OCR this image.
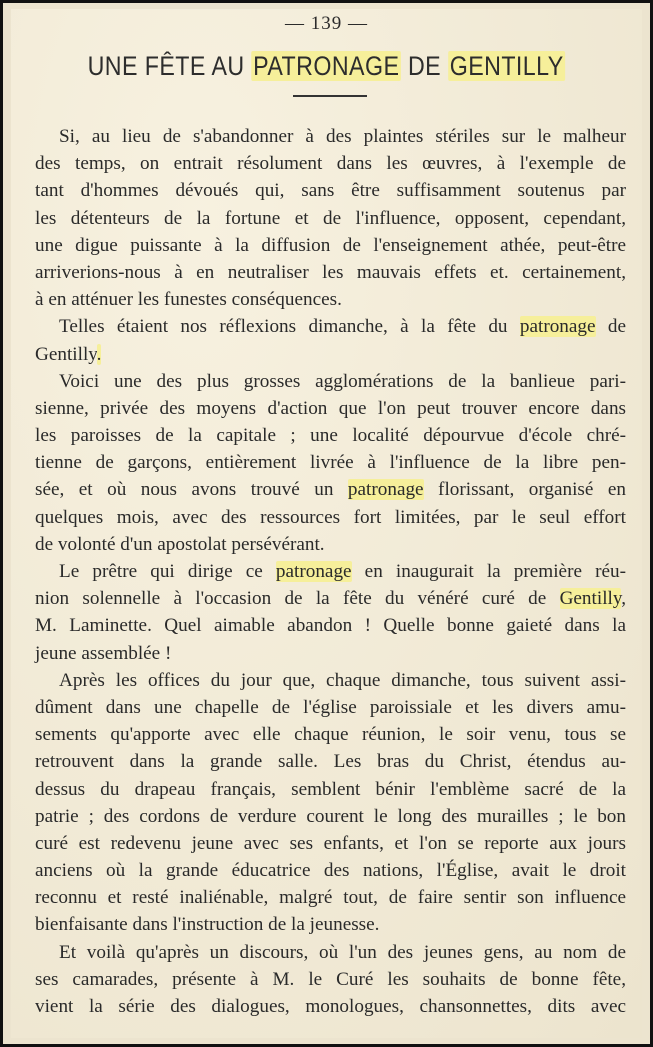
— 139 —
UNE FÊTE AU PATRONAGE DE GENTILLY
Si, au lieu de s'abandonner à des plaintes stériles sur le malheur
des temps, on entrait résolument dans les œuvres, à l'exemple de
tant d'hommes dévoués qui, sans être suffisamment soutenus par
les détenteurs de la fortune et de l'influence, opposent, cependant,
une digue puissante à la diffusion de l'enseignement athée, peut-être
arriverions-nous à en neutraliser les mauvais effets et. certainement,
à en atténuer les funestes conséquences.
Telles étaient nos réflexions dimanche, à la fête du patronage de
Gentilly.
Voici une des plus grosses agglomérations de la banlieue pari-
sienne, privée des moyens d'action que l'on peut trouver encore dans
les paroisses de la capitale ; une localité dépourvue d'école chré-
tienne de garçons, entièrement livrée à l'influence de la libre pen-
sée, et où nous avons trouvé un patronage florissant, organisé en
quelques mois, avec des ressources fort limitées, par le seul effort
de volonté d'un apostolat persévérant.
Le prêtre qui dirige ce patronage en inaugurait la première réu-
nion solennelle à l'occasion de la fête du vénéré curé de Gentilly,
M. Laminette. Quel aimable abandon ! Quelle bonne gaieté dans la
jeune assemblée !
Après les offices du jour que, chaque dimanche, tous suivent assi-
dûment dans une chapelle de l'église paroissiale et les divers amu-
sements qu'apporte avec elle chaque réunion, le soir venu, tous se
retrouvent dans la grande salle. Les bras du Christ, étendus au-
dessus du drapeau français, semblent bénir l'emblème sacré de la
patrie ; des cordons de verdure courent le long des murailles ; le bon
curé est redevenu jeune avec ses enfants, et l'on se reporte aux jours
anciens où la grande éducatrice des nations, l'Église, avait le droit
reconnu et resté inaliénable, malgré tout, de faire sentir son influence
bienfaisante dans l'instruction de la jeunesse.
Et voilà qu'après un discours, où l'un des jeunes gens, au nom de
ses camarades, présente à M. le Curé les souhaits de bonne fête,
vient la série des dialogues, monologues, chansonnettes, dits avec
